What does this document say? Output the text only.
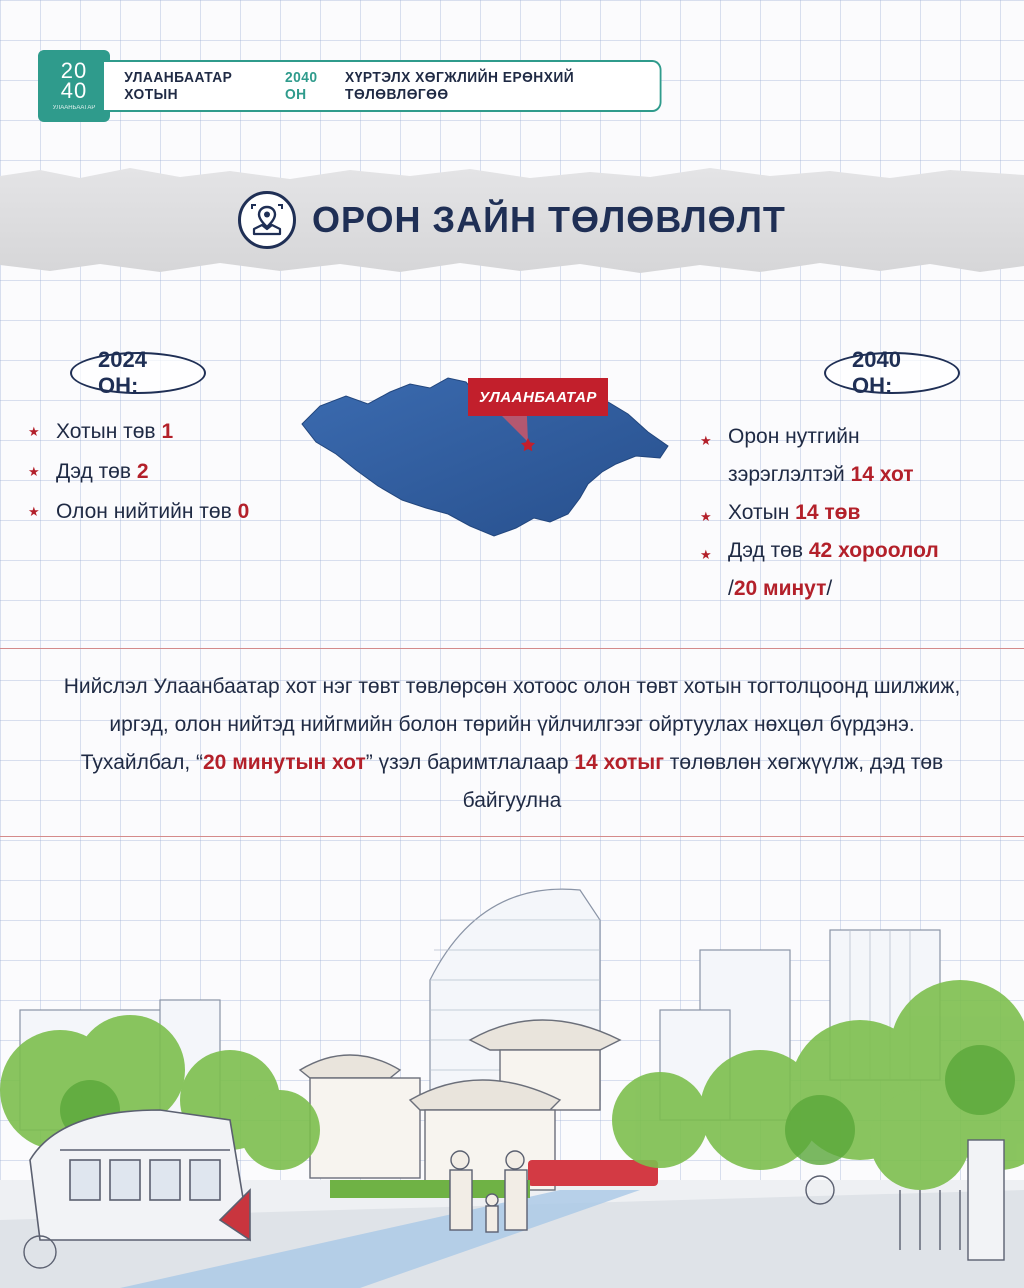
20
40
УЛААНБААТАР
УЛААНБААТАР ХОТЫН
2040 ОН
ХҮРТЭЛХ ХӨГЖЛИЙН ЕРӨНХИЙ ТӨЛӨВЛӨГӨӨ
ОРОН ЗАЙН ТӨЛӨВЛӨЛТ
2024 ОН:
2040 ОН:
★ Хотын төв 1
★ Дэд төв 2
★ Олон нийтийн төв 0
УЛААНБААТАР
★ Орон нутгийн
зэрэглэлтэй 14 хот
★ Хотын 14 төв
★ Дэд төв 42 хороолол
/20 минут/

Нийслэл Улаанбаатар хот нэг төвт төвлөрсөн хотоос олон төвт хотын тогтолцоонд шилжиж, иргэд, олон нийтэд нийгмийн болон төрийн үйлчилгээг ойртуулах нөхцөл бүрдэнэ. Тухайлбал, “20 минутын хот” үзэл баримтлалаар 14 хотыг төлөвлөн хөгжүүлж, дэд төв байгуулна
